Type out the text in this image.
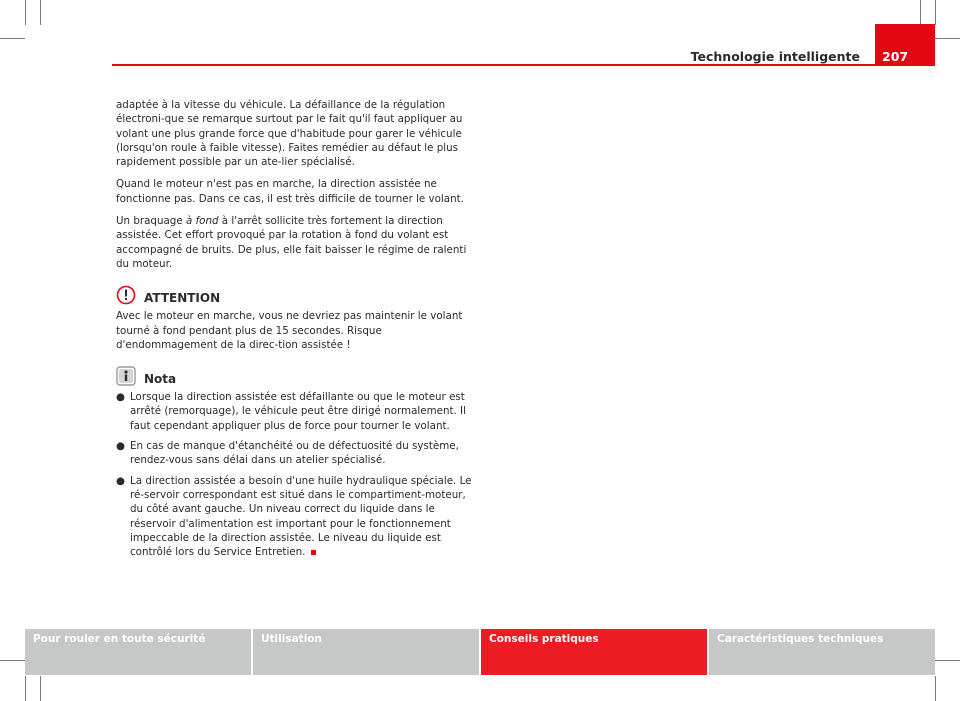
Technologie intelligente 207

adaptée à la vitesse du véhicule. La défaillance de la régulation électroni-que se remarque surtout par le fait qu'il faut appliquer au volant une plus grande force que d'habitude pour garer le véhicule (lorsqu'on roule à faible vitesse). Faites remédier au défaut le plus rapidement possible par un ate-lier spécialisé.

Quand le moteur n'est pas en marche, la direction assistée ne fonctionne pas. Dans ce cas, il est très difficile de tourner le volant.

Un braquage à fond à l'arrêt sollicite très fortement la direction assistée. Cet effort provoqué par la rotation à fond du volant est accompagné de bruits. De plus, elle fait baisser le régime de ralenti du moteur.

ATTENTION

Avec le moteur en marche, vous ne devriez pas maintenir le volant tourné à fond pendant plus de 15 secondes. Risque d'endommagement de la direc-tion assistée !

Nota
● Lorsque la direction assistée est défaillante ou que le moteur est arrêté (remorquage), le véhicule peut être dirigé normalement. Il faut cependant appliquer plus de force pour tourner le volant.
● En cas de manque d'étanchéité ou de défectuosité du système, rendez-vous sans délai dans un atelier spécialisé.
● La direction assistée a besoin d'une huile hydraulique spéciale. Le ré-servoir correspondant est situé dans le compartiment-moteur, du côté avant gauche. Un niveau correct du liquide dans le réservoir d'alimentation est important pour le fonctionnement impeccable de la direction assistée. Le niveau du liquide est contrôlé lors du Service Entretien.
Pour rouler en toute sécurité	Utilisation	Conseils pratiques	Caractéristiques techniques
